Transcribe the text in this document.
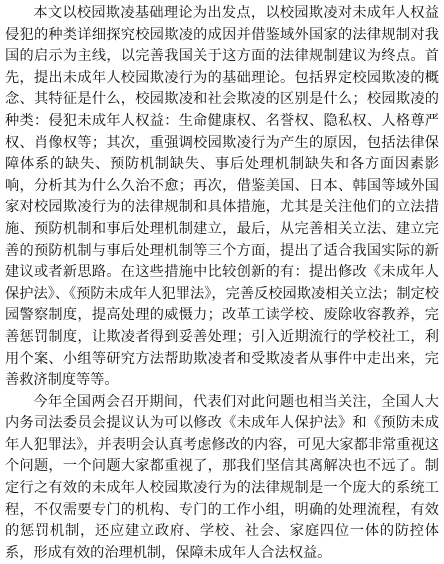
本文以校园欺凌基础理论为出发点，以校园欺凌对未成年人权益侵犯的种类详细探究校园欺凌的成因并借鉴域外国家的法律规制对我国的启示为主线，以完善我国关于这方面的法律规制建议为终点。首先，提出未成年人校园欺凌行为的基础理论。包括界定校园欺凌的概念、其特征是什么，校园欺凌和社会欺凌的区别是什么；校园欺凌的种类：侵犯未成年人权益：生命健康权、名誉权、隐私权、人格尊严权、肖像权等；其次，重强调校园欺凌行为产生的原因，包括法律保障体系的缺失、预防机制缺失、事后处理机制缺失和各方面因素影响，分析其为什么久治不愈；再次，借鉴美国、日本、韩国等域外国家对校园欺凌行为的法律规制和具体措施，尤其是关注他们的立法措施、预防机制和事后处理机制建立，最后，从完善相关立法、建立完善的预防机制与事后处理机制等三个方面，提出了适合我国实际的新建议或者新思路。在这些措施中比较创新的有：提出修改《未成年人保护法》、《预防未成年人犯罪法》，完善反校园欺凌相关立法；制定校园警察制度，提高处理的威慑力；改革工读学校、废除收容教养，完善惩罚制度，让欺凌者得到妥善处理；引入近期流行的学校社工，利用个案、小组等研究方法帮助欺凌者和受欺凌者从事件中走出来，完善救济制度等等。

今年全国两会召开期间，代表们对此问题也相当关注，全国人大内务司法委员会提议认为可以修改《未成年人保护法》和《预防未成年人犯罪法》，并表明会认真考虑修改的内容，可见大家都非常重视这个问题，一个问题大家都重视了，那我们坚信其离解决也不远了。制定行之有效的未成年人校园欺凌行为的法律规制是一个庞大的系统工程，不仅需要专门的机构、专门的工作小组，明确的处理流程，有效的惩罚机制，还应建立政府、学校、社会、家庭四位一体的防控体系，形成有效的治理机制，保障未成年人合法权益。
